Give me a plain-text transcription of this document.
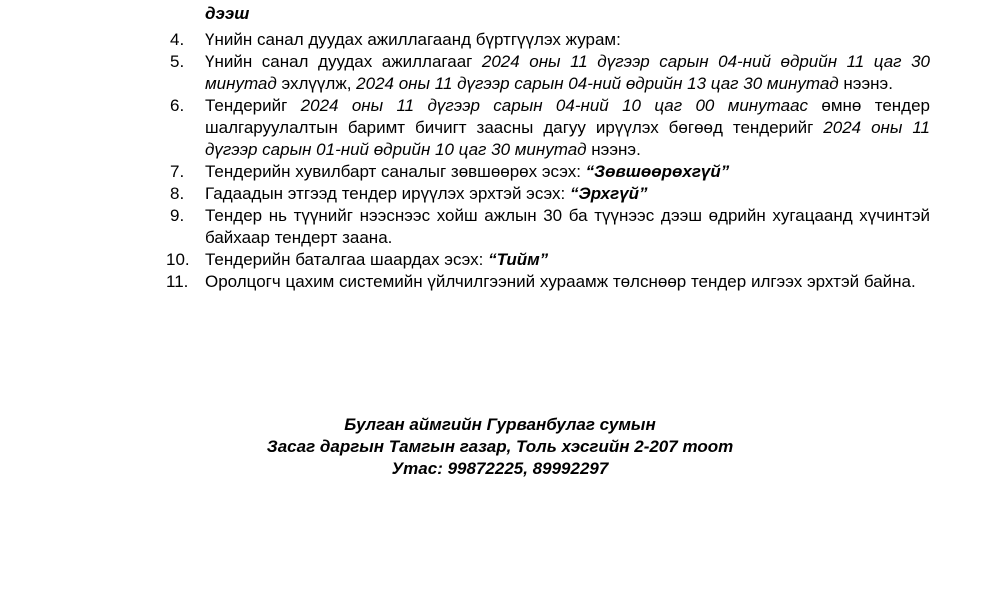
дээш
4.	Үнийн санал дуудах ажиллагаанд бүртгүүлэх журам:
5.	Үнийн санал дуудах ажиллагааг 2024 оны 11 дүгээр сарын 04-ний өдрийн 11 цаг 30 минутад эхлүүлж, 2024 оны 11 дүгээр сарын 04-ний өдрийн 13 цаг 30 минутад нээнэ.
6.	Тендерийг 2024 оны 11 дүгээр сарын 04-ний 10 цаг 00 минутаас өмнө тендер шалгаруулалтын баримт бичигт заасны дагуу ирүүлэх бөгөөд тендерийг 2024 оны 11 дүгээр сарын 01-ний өдрийн 10 цаг 30 минутад нээнэ.
7.	Тендерийн хувилбарт саналыг зөвшөөрөх эсэх: “Зөвшөөрөхгүй”
8.	Гадаадын этгээд тендер ирүүлэх эрхтэй эсэх: “Эрхгүй”
9.	Тендер нь түүнийг нээснээс хойш ажлын 30 ба түүнээс дээш өдрийн хугацаанд хүчинтэй байхаар тендерт заана.
10. Тендерийн баталгаа шаардах эсэх: “Тийм”
11. Оролцогч цахим системийн үйлчилгээний хураамж төлснөөр тендер илгээх эрхтэй байна.
Булган аймгийн Гурванбулаг сумын
Засаг даргын Тамгын газар, Толь хэсгийн 2-207 тоот
Утас: 99872225, 89992297
